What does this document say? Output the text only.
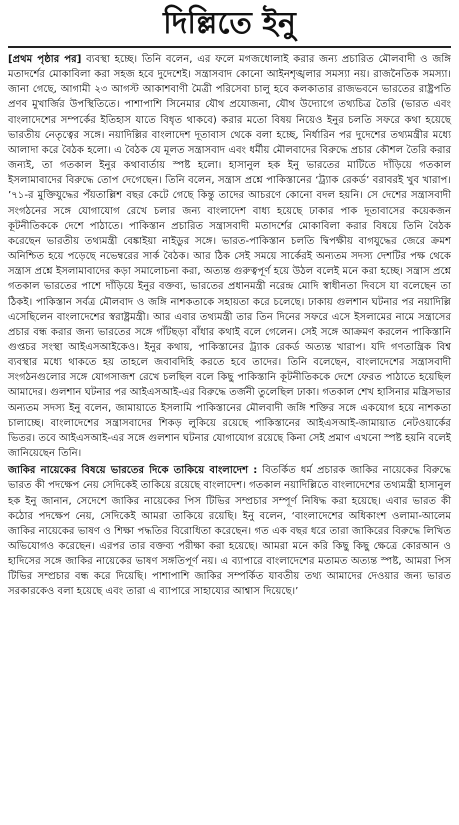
দিল্লিতে ইনু

[প্রথম পৃষ্ঠার পর] ব্যবস্থা হচ্ছে। তিনি বলেন, এর ফলে মগজধোলাই করার জন্য প্রচারিত মৌলবাদী ও জঙ্গি মতাদর্শের মোকাবিলা করা সহজ হবে দুদেশেই। সন্ত্রাসবাদ কোনো আইনশৃঙ্খলার সমস্যা নয়। রাজনৈতিক সমস্যা। জানা গেছে, আগামী ২৩ আগস্ট আকাশবাণী মৈত্রী পরিসেবা চালু হবে কলকাতার রাজভবনে ভারতের রাষ্ট্রপতি প্রণব মুখার্জির উপস্থিতিতে। পাশাপাশি সিনেমার যৌথ প্রযোজনা, যৌথ উদ্যোগে তথ্যচিত্র তৈরি (ভারত এবং বাংলাদেশের সম্পর্কের ইতিহাস যাতে বিধৃত থাকবে) করার মতো বিষয় নিয়েও ইনুর চলতি সফরে কথা হয়েছে ভারতীয় নেতৃত্বের সঙ্গে। নয়াদিল্লির বাংলাদেশ দূতাবাস থেকে বলা হচ্ছে, নির্ধারিন পর দুদেশের তথ্যমন্ত্রীর মধ্যে আলাদা করে বৈঠক হলো। এ বৈঠক যে মূলত সন্ত্রাসবাদ এবং ধর্মীয় মৌলবাদের বিরুদ্ধে প্রচার কৌশল তৈরি করার জন্যই, তা গতকাল ইনুর কথাবার্তায় স্পষ্ট হলো। হাসানুল হক ইনু ভারতের মাটিতে দাঁড়িয়ে গতকাল ইসলামাবাদের বিরুদ্ধে তোপ দেগেছেন। তিনি বলেন, সন্ত্রাস প্রশ্নে পাকিস্তানের ‘ট্র্যাক রেকর্ড’ বরাবরই খুব খারাপ। ’৭১-র মুক্তিযুদ্ধের পঁয়তাল্লিশ বছর কেটে গেছে কিন্তু তাদের আচরণে কোনো বদল হয়নি। সে দেশের সন্ত্রাসবাদী সংগঠনের সঙ্গে যোগাযোগ রেখে চলার জন্য বাংলাদেশ বাধ্য হয়েছে ঢাকার পাক দূতাবাসের কয়েকজন কূটনীতিককে দেশে পাঠাতে। পাকিস্তান প্রচারিত সন্ত্রাসবাদী মতাদর্শের মোকাবিলা করার বিষয়ে তিনি বৈঠক করেছেন ভারতীয় তথ্যমন্ত্রী বেঙ্কাইয়া নাইডুর সঙ্গে। ভারত-পাকিস্তান চলতি দ্বিপক্ষীয় বাগযুদ্ধের জেরে ক্রমশ অনিশ্চিত হয়ে পড়েছে নভেম্বরের সার্ক বৈঠক। আর ঠিক সেই সময়ে সার্কেরই অন্যতম সদস্য দেশটির পক্ষ থেকে সন্ত্রাস প্রশ্নে ইসলামাবাদের কড়া সমালোচনা করা, অত্যন্ত গুরুত্বপূর্ণ হয়ে উঠল বলেই মনে করা হচ্ছে। সন্ত্রাস প্রশ্নে গতকাল ভারতের পাশে দাঁড়িয়ে ইনুর বক্তব্য, ভারতের প্রধানমন্ত্রী নরেন্দ্র মোদি স্বাধীনতা দিবসে যা বলেছেন তা ঠিকই। পাকিস্তান সর্বত্র মৌলবাদ ও জঙ্গি নাশকতাকে সহায়তা করে চলেছে। ঢাকায় গুলশান ঘটনার পর নয়াদিল্লি এসেছিলেন বাংলাদেশের স্বরাষ্ট্রমন্ত্রী। আর এবার তথ্যমন্ত্রী তার তিন দিনের সফরে এসে ইসলামের নামে সন্ত্রাসের প্রচার বন্ধ করার জন্য ভারতের সঙ্গে গাঁটছড়া বাঁধার কথাই বলে গেলেন। সেই সঙ্গে আক্রমণ করলেন পাকিস্তানি গুপ্তচর সংস্থা আইএসআইকেও। ইনুর কথায়, পাকিস্তানের ট্র্যাক রেকর্ড অত্যন্ত খারাপ। যদি গণতান্ত্রিক বিশ্ব ব্যবস্থার মধ্যে থাকতে হয় তাহলে জবাবদিহি করতে হবে তাদের। তিনি বলেছেন, বাংলাদেশের সন্ত্রাসবাদী সংগঠনগুলোর সঙ্গে যোগসাজশ রেখে চলছিল বলে কিছু পাকিস্তানি কূটনীতিককে দেশে ফেরত পাঠাতে হয়েছিল আমাদের। গুলশান ঘটনার পর আইএসআই-এর বিরুদ্ধে তর্জনী তুলেছিল ঢাকা। গতকাল শেখ হাসিনার মন্ত্রিসভার অন্যতম সদস্য ইনু বলেন, জামায়াতে ইসলামি পাকিস্তানের মৌলবাদী জঙ্গি শক্তির সঙ্গে একযোগ হয়ে নাশকতা চালাচ্ছে। বাংলাদেশের সন্ত্রাসবাদের শিকড় লুকিয়ে রয়েছে পাকিস্তানের আইএসআই-জামায়াত নেটওয়ার্কের ভিতর। তবে আইএসআই-এর সঙ্গে গুলশান ঘটনার যোগাযোগ রয়েছে কিনা সেই প্রমাণ এখনো স্পষ্ট হয়নি বলেই জানিয়েছেন তিনি।

জাকির নায়েকের বিষয়ে ভারতের দিকে তাকিয়ে বাংলাদেশ : বিতর্কিত ধর্ম প্রচারক জাকির নায়েকের বিরুদ্ধে ভারত কী পদক্ষেপ নেয় সেদিকেই তাকিয়ে রয়েছে বাংলাদেশ। গতকাল নয়াদিল্লিতে বাংলাদেশের তথ্যমন্ত্রী হাসানুল হক ইনু জানান, সেদেশে জাকির নায়েকের পিস টিভির সম্প্রচার সম্পূর্ণ নিষিদ্ধ করা হয়েছে। এবার ভারত কী কঠোর পদক্ষেপ নেয়, সেদিকেই আমরা তাকিয়ে রয়েছি। ইনু বলেন, ‘বাংলাদেশের অধিকাংশ ওলামা-আলেম জাকির নায়েকের ভাষণ ও শিক্ষা পদ্ধতির বিরোধিতা করেছেন। গত এক বছর ধরে তারা জাকিরের বিরুদ্ধে লিখিত অভিযোগও করেছেন। এরপর তার বক্তব্য পরীক্ষা করা হয়েছে। আমরা মনে করি কিছু কিছু ক্ষেত্রে কোরআন ও হাদিসের সঙ্গে জাকির নায়েকের ভাষণ সঙ্গতিপূর্ণ নয়। এ ব্যাপারে বাংলাদেশের মতামত অত্যন্ত স্পষ্ট, আমরা পিস টিভির সম্প্রচার বন্ধ করে দিয়েছি। পাশাপাশি জাকির সম্পর্কিত যাবতীয় তথ্য আমাদের দেওয়ার জন্য ভারত সরকারকেও বলা হয়েছে এবং তারা এ ব্যাপারে সাহায্যের আশ্বাস দিয়েছে।’
